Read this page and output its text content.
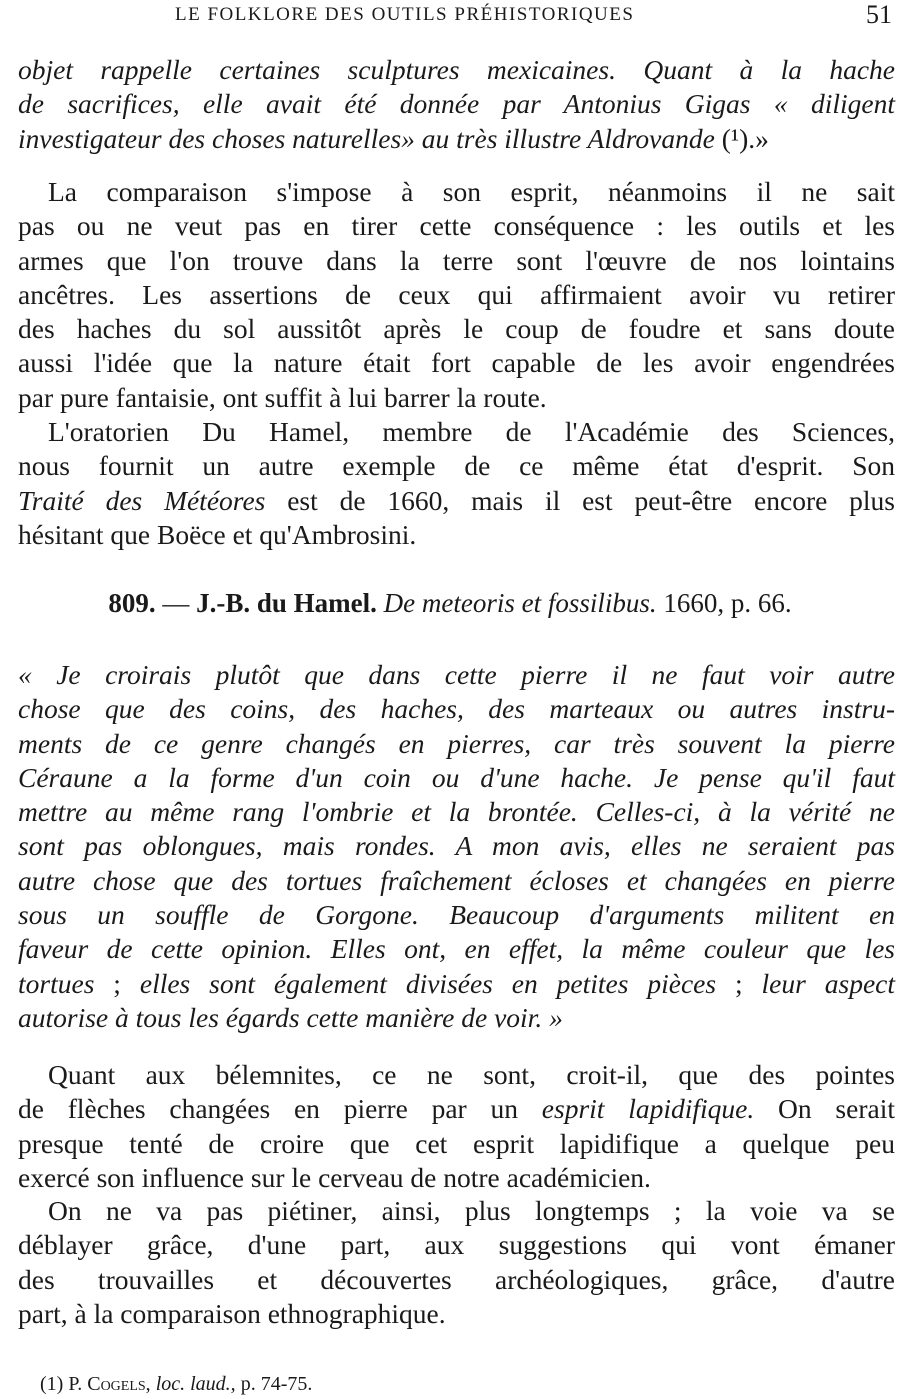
LE FOLKLORE DES OUTILS PRÉHISTORIQUES	51
objet rappelle certaines sculptures mexicaines. Quant à la hache
de sacrifices, elle avait été donnée par Antonius Gigas « diligent
investigateur des choses naturelles» au très illustre Aldrovande (¹).»
La comparaison s'impose à son esprit, néanmoins il ne sait
pas ou ne veut pas en tirer cette conséquence : les outils et les
armes que l'on trouve dans la terre sont l'œuvre de nos lointains
ancêtres. Les assertions de ceux qui affirmaient avoir vu retirer
des haches du sol aussitôt après le coup de foudre et sans doute
aussi l'idée que la nature était fort capable de les avoir engendrées
par pure fantaisie, ont suffit à lui barrer la route.
L'oratorien Du Hamel, membre de l'Académie des Sciences,
nous fournit un autre exemple de ce même état d'esprit. Son
Traité des Météores est de 1660, mais il est peut-être encore plus
hésitant que Boëce et qu'Ambrosini.
809. — J.-B. du Hamel. De meteoris et fossilibus. 1660, p. 66.
« Je croirais plutôt que dans cette pierre il ne faut voir autre
chose que des coins, des haches, des marteaux ou autres instru-
ments de ce genre changés en pierres, car très souvent la pierre
Céraune a la forme d'un coin ou d'une hache. Je pense qu'il faut
mettre au même rang l'ombrie et la brontée. Celles-ci, à la vérité ne
sont pas oblongues, mais rondes. A mon avis, elles ne seraient pas
autre chose que des tortues fraîchement écloses et changées en pierre
sous un souffle de Gorgone. Beaucoup d'arguments militent en
faveur de cette opinion. Elles ont, en effet, la même couleur que les
tortues ; elles sont également divisées en petites pièces ; leur aspect
autorise à tous les égards cette manière de voir. »
Quant aux bélemnites, ce ne sont, croit-il, que des pointes
de flèches changées en pierre par un esprit lapidifique. On serait
presque tenté de croire que cet esprit lapidifique a quelque peu
exercé son influence sur le cerveau de notre académicien.
On ne va pas piétiner, ainsi, plus longtemps ; la voie va se
déblayer grâce, d'une part, aux suggestions qui vont émaner
des trouvailles et découvertes archéologiques, grâce, d'autre
part, à la comparaison ethnographique.
(1) P. Cogels, loc. laud., p. 74-75.
